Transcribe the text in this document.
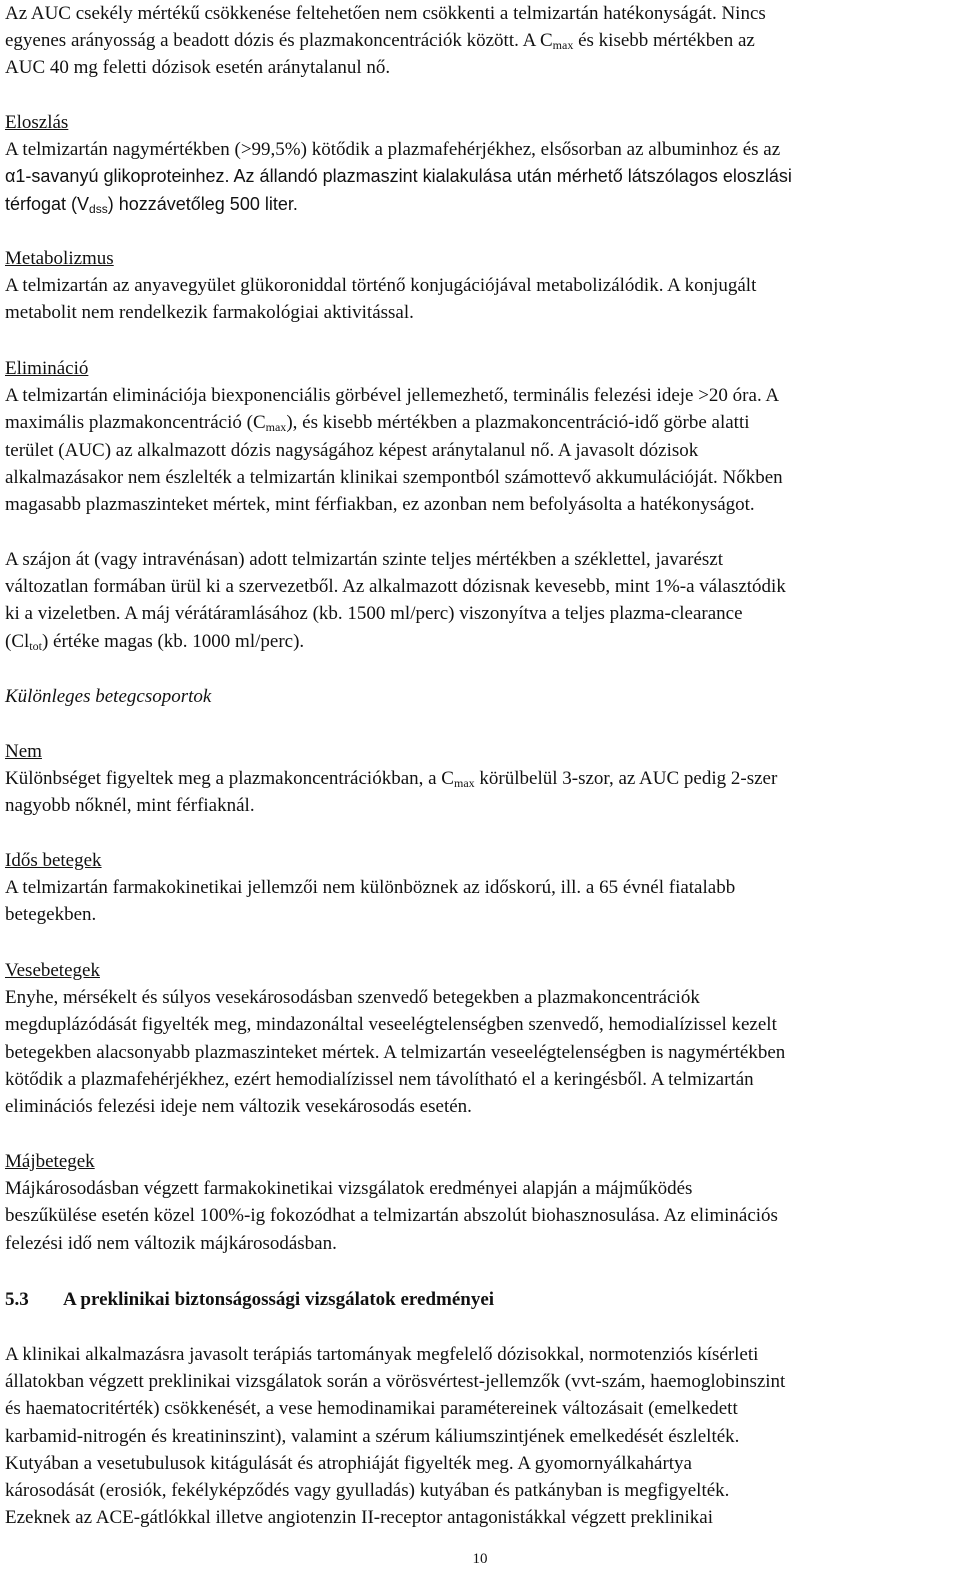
Az AUC csekély mértékű csökkenése feltehetően nem csökkenti a telmizartán hatékonyságát. Nincs
egyenes arányosság a beadott dózis és plazmakoncentrációk között. A $C_{max}$ és kisebb mértékben az
AUC 40 mg feletti dózisok esetén aránytalanul nő.
Eloszlás
A telmizartán nagymértékben (>99,5%) kötődik a plazmafehérjékhez, elsősorban az albuminhoz és az
α1-savanyú glikoproteinhez. Az állandó plazmaszint kialakulása után mérhető látszólagos eloszlási
térfogat $(V_{dss})$ hozzávetőleg 500 liter.
Metabolizmus
A telmizartán az anyavegyület glükoroniddal történő konjugációjával metabolizálódik. A konjugált
metabolit nem rendelkezik farmakológiai aktivitással.
Elimináció
A telmizartán eliminációja biexponenciális görbével jellemezhető, terminális felezési ideje >20 óra. A
maximális plazmakoncentráció $(C_{max})$, és kisebb mértékben a plazmakoncentráció-idő görbe alatti
terület (AUC) az alkalmazott dózis nagyságához képest aránytalanul nő. A javasolt dózisok
alkalmazásakor nem észlelték a telmizartán klinikai szempontból számottevő akkumulációját. Nőkben
magasabb plazmaszinteket mértek, mint férfiakban, ez azonban nem befolyásolta a hatékonyságot.
A szájon át (vagy intravénásan) adott telmizartán szinte teljes mértékben a széklettel, javarészt
változatlan formában ürül ki a szervezetből. Az alkalmazott dózisnak kevesebb, mint 1%-a választódik
ki a vizeletben. A máj vérátáramlásához (kb. 1500 ml/perc) viszonyítva a teljes plazma-clearance
$(Cl_{tot})$ értéke magas (kb. 1000 ml/perc).
Különleges betegcsoportok
Nem
Különbséget figyeltek meg a plazmakoncentrációkban, a $C_{max}$ körülbelül 3-szor, az AUC pedig 2-szer
nagyobb nőknél, mint férfiaknál.
Idős betegek
A telmizartán farmakokinetikai jellemzői nem különböznek az időskorú, ill. a 65 évnél fiatalabb
betegekben.
Vesebetegek
Enyhe, mérsékelt és súlyos vesekárosodásban szenvedő betegekben a plazmakoncentrációk
megduplázódását figyelték meg, mindazonáltal veseelégtelenségben szenvedő, hemodialízissel kezelt
betegekben alacsonyabb plazmaszinteket mértek. A telmizartán veseelégtelenségben is nagymértékben
kötődik a plazmafehérjékhez, ezért hemodialízissel nem távolítható el a keringésből. A telmizartán
eliminációs felezési ideje nem változik vesekárosodás esetén.
Májbetegek
Májkárosodásban végzett farmakokinetikai vizsgálatok eredményei alapján a májműködés
beszűkülése esetén közel 100%-ig fokozódhat a telmizartán abszolút biohasznosulása. Az eliminációs
felezési idő nem változik májkárosodásban.
5.3 A preklinikai biztonságossági vizsgálatok eredményei
A klinikai alkalmazásra javasolt terápiás tartományak megfelelő dózisokkal, normotenziós kísérleti
állatokban végzett preklinikai vizsgálatok során a vörösvértest-jellemzők (vvt-szám, haemoglobinszint
és haematocritérték) csökkenését, a vese hemodinamikai paramétereinek változásait (emelkedett
karbamid-nitrogén és kreatininszint), valamint a szérum káliumszintjének emelkedését észlelték.
Kutyában a vesetubulusok kitágulását és atrophiáját figyelték meg. A gyomornyálkahártya
károsodását (erosiók, fekélyképződés vagy gyulladás) kutyában és patkányban is megfigyelték.
Ezeknek az ACE-gátlókkal illetve angiotenzin II-receptor antagonistákkal végzett preklinikai
10
